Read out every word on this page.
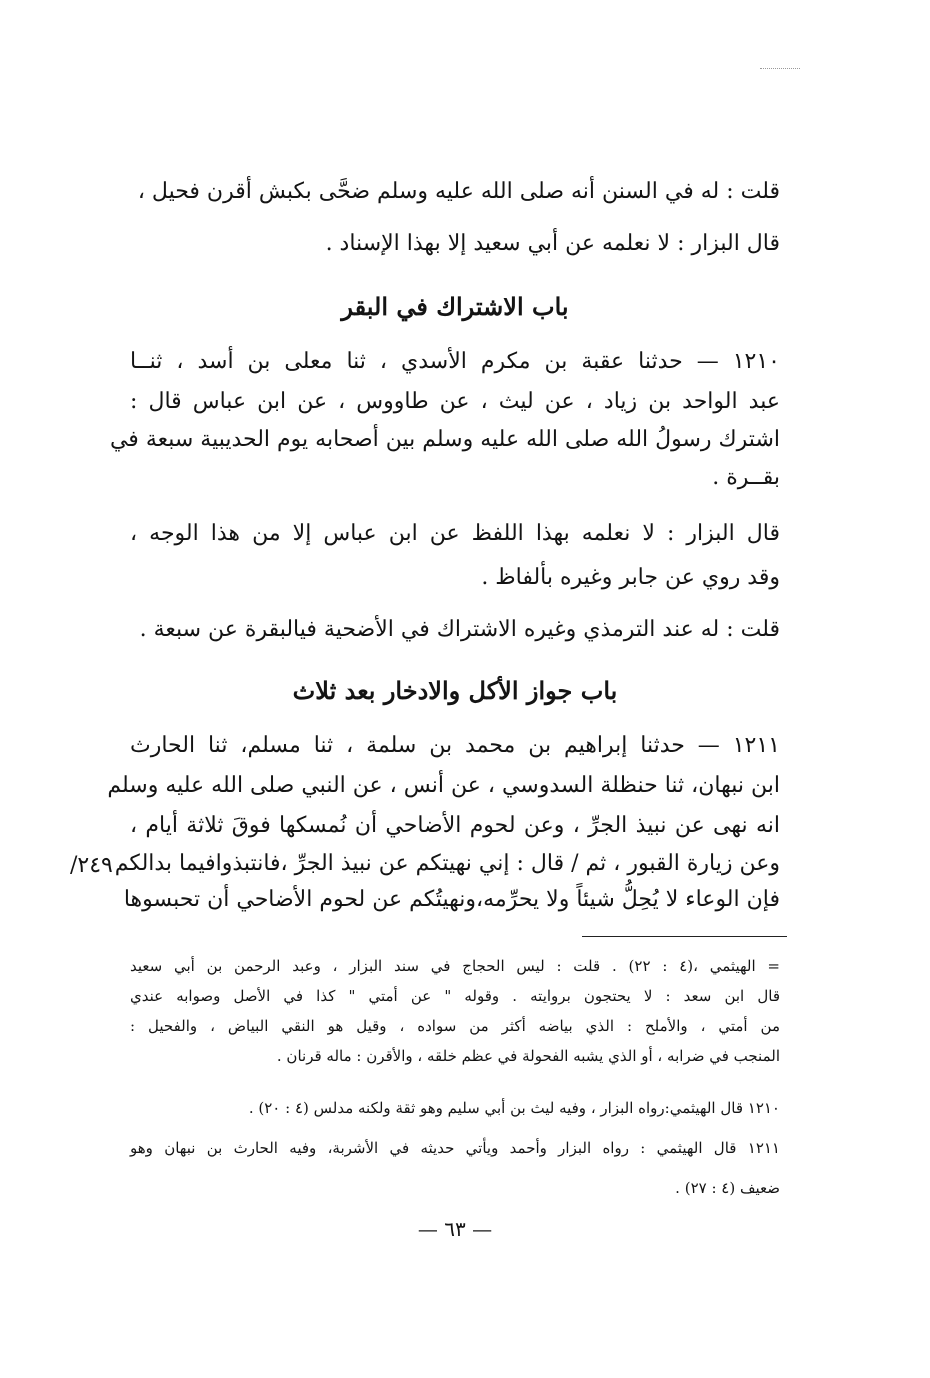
قلت : له في السنن أنه صلى الله عليه وسلم ضحَّى بكبش أقرن فحيل ،
قال البزار : لا نعلمه عن أبي سعيد إلا بهذا الإسناد .
باب الاشتراك في البقر
١٢١٠ — حدثنا عقبة بن مكرم الأسدي ، ثنا معلى بن أسد ، ثنــا
عبد الواحد بن زياد ، عن ليث ، عن طاووس ، عن ابن عباس قال :
اشترك رسولُ الله صلى الله عليه وسلم بين أصحابه يوم الحديبية سبعة في
بقــرة .
قال البزار : لا نعلمه بهذا اللفظ عن ابن عباس إلا من هذا الوجه ،
وقد روي عن جابر وغيره بألفاظ .
قلت : له عند الترمذي وغيره الاشتراك في الأضحية فيالبقرة عن سبعة .
باب جواز الأكل والادخار بعد ثلاث
١٢١١ — حدثنا إبراهيم بن محمد بن سلمة ، ثنا مسلم، ثنا الحارث
ابن نبهان، ثنا حنظلة السدوسي ، عن أنس ، عن النبي صلى الله عليه وسلم
انه نهى عن نبيذ الجرِّ ، وعن لحوم الأضاحي أن نُمسكها فوقَ ثلاثة أيام ،
وعن زيارة القبور ، ثم / قال : إني نهيتكم عن نبيذ الجرِّ ،فانتبذوافيما بدالكم
فإن الوعاء لا يُحِلُّ شيئاً ولا يحرِّمه،ونهيتُكم عن لحوم الأضاحي أن تحبسوها
٢٤٩/
= الهيثمي ،(٤ : ٢٢) . قلت : ليس الحجاج في سند البزار ، وعبد الرحمن بن أبي سعيد
قال ابن سعد : لا يحتجون بروايته . وقوله " عن أمتي " كذا في الأصل وصوابه عندي
من أمتي ، والأملح : الذي بياضه أكثر من سواده ، وقيل هو النقي البياض ، والفحيل :
المنجب في ضرابه ، أو الذي يشبه الفحولة في عظم خلقه ، والأقرن : ماله قرنان .
١٢١٠ قال الهيثمي:رواه البزار ، وفيه ليث بن أبي سليم وهو ثقة ولكنه مدلس (٤ : ٢٠) .
١٢١١ قال الهيثمي : رواه البزار وأحمد ويأتي حديثه في الأشربة، وفيه الحارث بن نبهان وهو
ضعيف (٤ : ٢٧) .
— ٦٣ —
